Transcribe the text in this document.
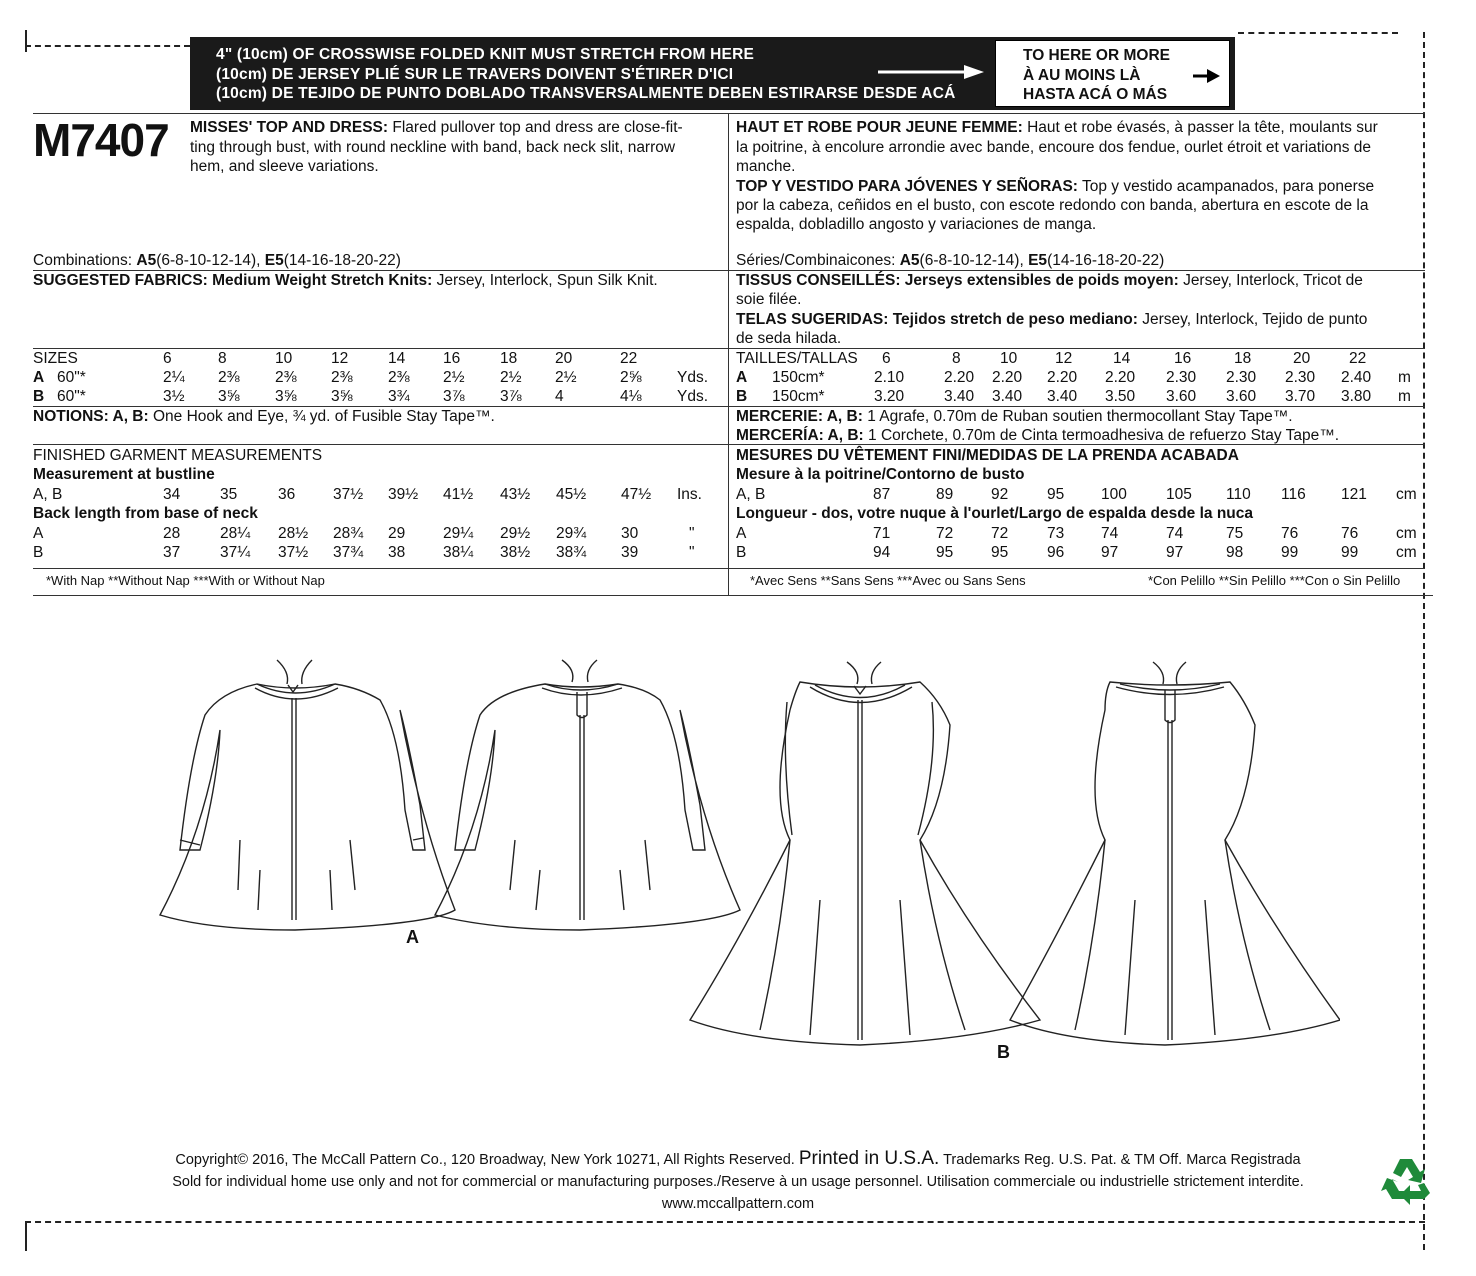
4" (10cm) OF CROSSWISE FOLDED KNIT MUST STRETCH FROM HERE
(10cm) DE JERSEY PLIÉ SUR LE TRAVERS DOIVENT S'ÉTIRER D'ICI
(10cm) DE TEJIDO DE PUNTO DOBLADO TRANSVERSALMENTE DEBEN ESTIRARSE DESDE ACÁ
TO HERE OR MORE
À AU MOINS LÀ
HASTA ACÁ O MÁS
M7407 MISSES' TOP AND DRESS: Flared pullover top and dress are close-fit-
ting through bust, with round neckline with band, back neck slit, narrow
hem, and sleeve variations.
HAUT ET ROBE POUR JEUNE FEMME: Haut et robe évasés, à passer la tête, moulants sur
la poitrine, à encolure arrondie avec bande, encoure dos fendue, ourlet étroit et variations de
manche.
TOP Y VESTIDO PARA JÓVENES Y SEÑORAS: Top y vestido acampanados, para ponerse
por la cabeza, ceñidos en el busto, con escote redondo con banda, abertura en escote de la
espalda, dobladillo angosto y variaciones de manga.
Combinations: A5(6-8-10-12-14), E5(14-16-18-20-22)	Séries/Combinaicones: A5(6-8-10-12-14), E5(14-16-18-20-22)
SUGGESTED FABRICS: Medium Weight Stretch Knits: Jersey, Interlock, Spun Silk Knit.	TISSUS CONSEILLÉS: Jerseys extensibles de poids moyen: Jersey, Interlock, Tricot de
soie filée.
TELAS SUGERIDAS: Tejidos stretch de peso mediano: Jersey, Interlock, Tejido de punto
de seda hilada.
SIZES	6	8	10	12	14 16	18 20	22
A 60"*	2¼ 2⅜ 2⅜ 2⅜ 2⅜ 2½ 2½ 2½	2⅝ Yds.
B 60"*	3½ 3⅝ 3⅝ 3⅝ 3¾ 3⅞ 3⅞ 4	4⅛ Yds.
TAILLES/TALLAS 6	8	10 12	14	16	18	20	22
A 150cm*	2.10	2.20 2.20 2.20 2.20 2.30 2.30 2.30 2.40 m
B 150cm*	3.20	3.40 3.40 3.40 3.50 3.60 3.60 3.70 3.80 m
NOTIONS: A, B: One Hook and Eye, ¾ yd. of Fusible Stay Tape™.	MERCERIE: A, B: 1 Agrafe, 0.70m de Ruban soutien thermocollant Stay Tape™.
MERCERÍA: A, B: 1 Corchete, 0.70m de Cinta termoadhesiva de refuerzo Stay Tape™.
FINISHED GARMENT MEASUREMENTS	MESURES DU VÊTEMENT FINI/MEDIDAS DE LA PRENDA ACABADA
Measurement at bustline	Mesure à la poitrine/Contorno de busto
Back length from base of neck	Longueur - dos, votre nuque à l'ourlet/Largo de espalda desde la nuca
A, B	34	35	36 37½ 39½ 41½ 43½ 45½ 47½ Ins.
A	28	28¼ 28½ 28¾ 29 29¼ 29½ 29¾ 30	"
B	37	37¼ 37½ 37¾ 38 38¼ 38½ 38¾ 39	"
A, B	87	89 92	95 100	105 110 116 121 cm
A	71	72 72	73 74	74	75 76	76 cm
B	94	95 95	96 97	97	98 99	99 cm
*With Nap **Without Nap ***With or Without Nap	*Avec Sens **Sans Sens ***Avec ou Sans Sens	*Con Pelillo **Sin Pelillo ***Con o Sin Pelillo
A
B
Copyright© 2016, The McCall Pattern Co., 120 Broadway, New York 10271, All Rights Reserved. Printed in U.S.A. Trademarks Reg. U.S. Pat. & TM Off. Marca Registrada
Sold for individual home use only and not for commercial or manufacturing purposes./Reserve à un usage personnel. Utilisation commerciale ou industrielle strictement interdite.
www.mccallpattern.com
